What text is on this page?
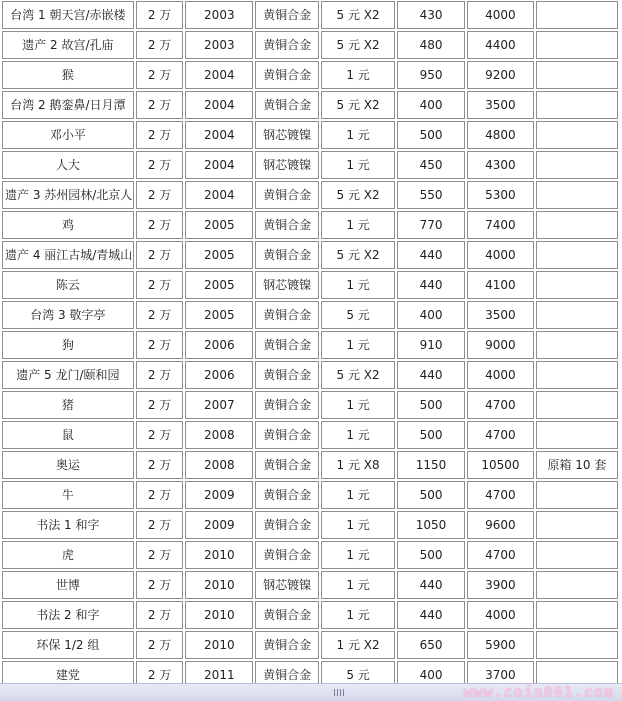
台湾 1 朝天宫/赤嵌楼	2 万	2003	黄铜合金	5 元 X2	430	4000	
遗产 2 故宫/孔庙	2 万	2003	黄铜合金	5 元 X2	480	4400	
猴	2 万	2004	黄铜合金	1 元	950	9200	
台湾 2 鹅銮鼻/日月潭	2 万	2004	黄铜合金	5 元 X2	400	3500	
邓小平	2 万	2004	钢芯镀镍	1 元	500	4800	
人大	2 万	2004	钢芯镀镍	1 元	450	4300	
遗产 3 苏州园林/北京人	2 万	2004	黄铜合金	5 元 X2	550	5300	
鸡	2 万	2005	黄铜合金	1 元	770	7400	
遗产 4 丽江古城/青城山	2 万	2005	黄铜合金	5 元 X2	440	4000	
陈云	2 万	2005	钢芯镀镍	1 元	440	4100	
台湾 3 敬字亭	2 万	2005	黄铜合金	5 元	400	3500	
狗	2 万	2006	黄铜合金	1 元	910	9000	
遗产 5 龙门/颐和园	2 万	2006	黄铜合金	5 元 X2	440	4000	
猪	2 万	2007	黄铜合金	1 元	500	4700	
鼠	2 万	2008	黄铜合金	1 元	500	4700	
奥运	2 万	2008	黄铜合金	1 元 X8	1150	10500	原箱 10 套
牛	2 万	2009	黄铜合金	1 元	500	4700	
书法 1 和字	2 万	2009	黄铜合金	1 元	1050	9600	
虎	2 万	2010	黄铜合金	1 元	500	4700	
世博	2 万	2010	钢芯镀镍	1 元	440	3900	
书法 2 和字	2 万	2010	黄铜合金	1 元	440	4000	
环保 1/2 组	2 万	2010	黄铜合金	1 元 X2	650	5900	
建党	2 万	2011	黄铜合金	5 元	400	3700	
www.coin001.com
